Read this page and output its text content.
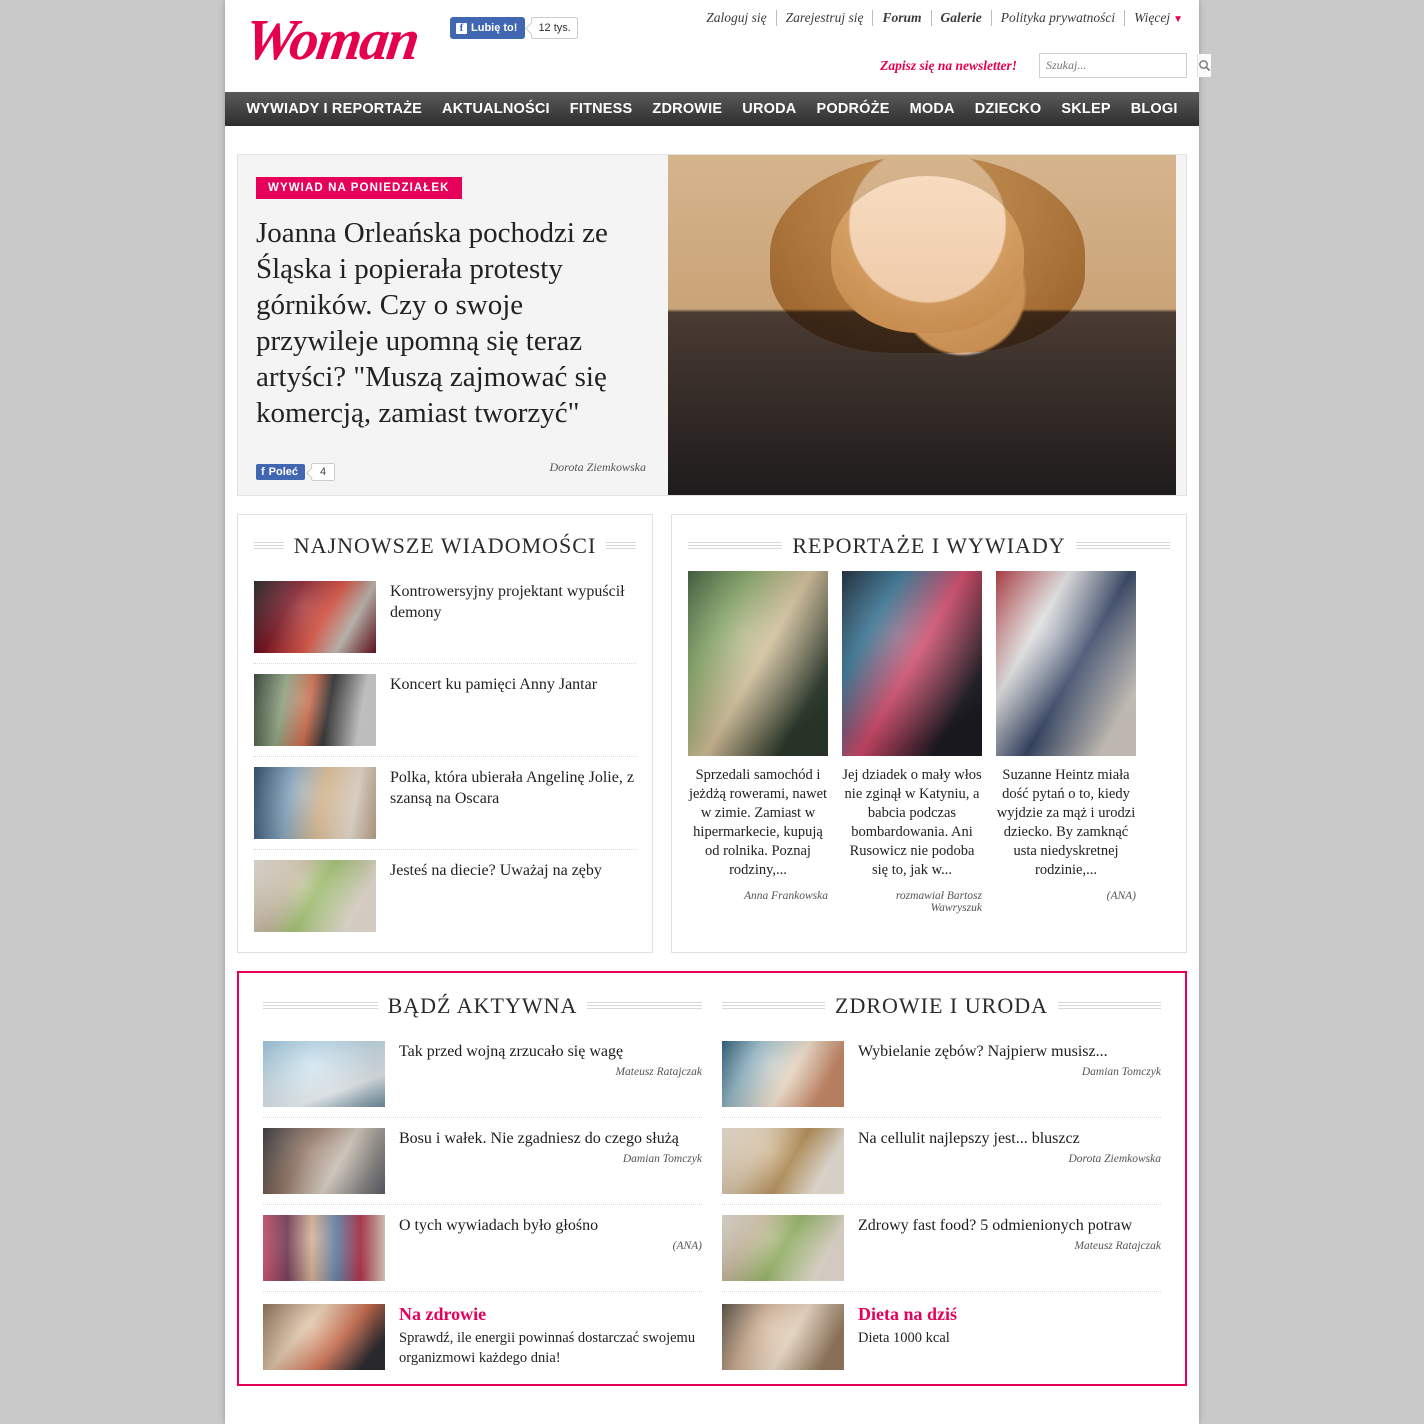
Woman	f Lubię to!	12 tys.
Zaloguj się	Zarejestruj się	Forum	Galerie	Polityka prywatności	Więcej ▼
Zapisz się na newsletter!
Szukaj...
WYWIADY I REPORTAŻE	AKTUALNOŚCI	FITNESS	ZDROWIE	URODA	PODRÓŻE	MODA	DZIECKO	SKLEP	BLOGI
WYWIAD NA PONIEDZIAŁEK
Joanna Orleańska pochodzi ze Śląska i popierała protesty górników. Czy o swoje przywileje upomną się teraz artyści? "Muszą zajmować się komercją, zamiast tworzyć"
f Poleć	4	Dorota Ziemkowska
NAJNOWSZE WIADOMOŚCI
Kontrowersyjny projektant wypuścił demony
Koncert ku pamięci Anny Jantar
Polka, która ubierała Angelinę Jolie, z szansą na Oscara
Jesteś na diecie? Uważaj na zęby
REPORTAŻE I WYWIADY
Sprzedali samochód i jeżdżą rowerami, nawet w zimie. Zamiast w hipermarkecie, kupują od rolnika. Poznaj rodziny,...
Anna Frankowska
Jej dziadek o mały włos nie zginął w Katyniu, a babcia podczas bombardowania. Ani Rusowicz nie podoba się to, jak w...
rozmawiał Bartosz Wawryszuk
Suzanne Heintz miała dość pytań o to, kiedy wyjdzie za mąż i urodzi dziecko. By zamknąć usta niedyskretnej rodzinie,...
(ANA)
BĄDŹ AKTYWNA
Tak przed wojną zrzucało się wagę
Mateusz Ratajczak
Bosu i wałek. Nie zgadniesz do czego służą
Damian Tomczyk
O tych wywiadach było głośno
(ANA)
Na zdrowie
Sprawdź, ile energii powinnaś dostarczać swojemu organizmowi każdego dnia!
ZDROWIE I URODA
Wybielanie zębów? Najpierw musisz...
Damian Tomczyk
Na cellulit najlepszy jest... bluszcz
Dorota Ziemkowska
Zdrowy fast food? 5 odmienionych potraw
Mateusz Ratajczak
Dieta na dziś
Dieta 1000 kcal
